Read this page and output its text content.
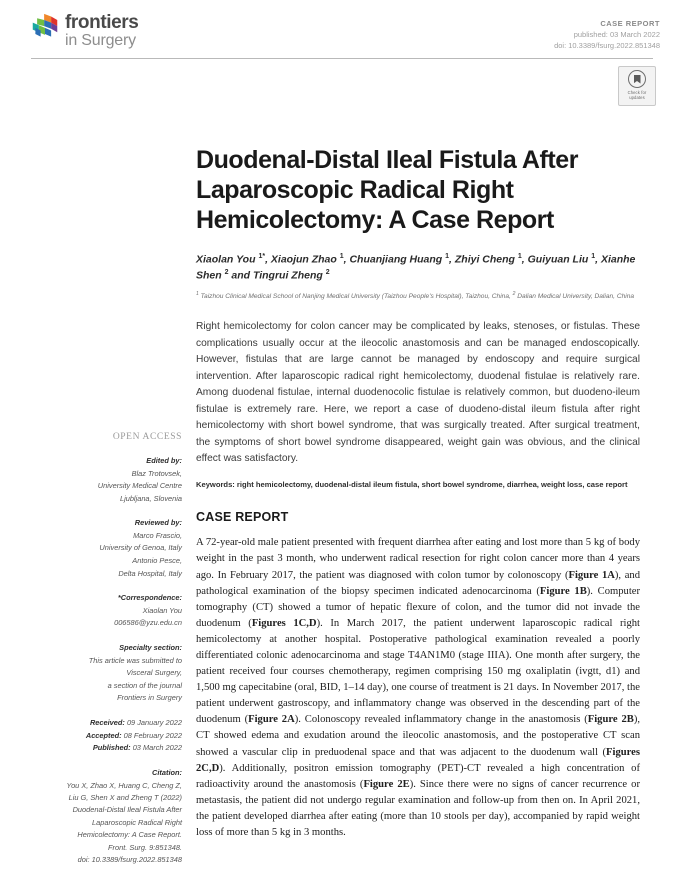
frontiers
in Surgery
CASE REPORT
published: 03 March 2022
doi: 10.3389/fsurg.2022.851348
Check for
updates
OPEN ACCESS
Edited by:
Blaz Trotovsek,
University Medical Centre
Ljubljana, Slovenia
Reviewed by:
Marco Frascio,
University of Genoa, Italy
Antonio Pesce,
Delta Hospital, Italy
*Correspondence:
Xiaolan You
006586@yzu.edu.cn
Specialty section:
This article was submitted to
Visceral Surgery,
a section of the journal
Frontiers in Surgery
Received: 09 January 2022
Accepted: 08 February 2022
Published: 03 March 2022
Citation:
You X, Zhao X, Huang C, Cheng Z,
Liu G, Shen X and Zheng T (2022)
Duodenal-Distal Ileal Fistula After
Laparoscopic Radical Right
Hemicolectomy: A Case Report.
Front. Surg. 9:851348.
doi: 10.3389/fsurg.2022.851348
Duodenal-Distal Ileal Fistula After Laparoscopic Radical Right Hemicolectomy: A Case Report
Xiaolan You $^{1*}$, Xiaojun Zhao $^1$, Chuanjiang Huang $^1$, Zhiyi Cheng $^1$, Guiyuan Liu $^1$, Xianhe Shen $^2$ and Tingrui Zheng $^2$
$^1$ Taizhou Clinical Medical School of Nanjing Medical University (Taizhou People's Hospital), Taizhou, China, $^2$ Dalian Medical University, Dalian, China
Right hemicolectomy for colon cancer may be complicated by leaks, stenoses, or fistulas. These complications usually occur at the ileocolic anastomosis and can be managed endoscopically. However, fistulas that are large cannot be managed by endoscopy and require surgical intervention. After laparoscopic radical right hemicolectomy, duodenal fistulae is relatively rare. Among duodenal fistulae, internal duodenocolic fistulae is relatively common, but duodeno-ileum fistulae is extremely rare. Here, we report a case of duodeno-distal ileum fistula after right hemicolectomy with short bowel syndrome, that was surgically treated. After surgical treatment, the symptoms of short bowel syndrome disappeared, weight gain was obvious, and the clinical effect was satisfactory.
Keywords: right hemicolectomy, duodenal-distal ileum fistula, short bowel syndrome, diarrhea, weight loss, case report
CASE REPORT
A 72-year-old male patient presented with frequent diarrhea after eating and lost more than 5 kg of body weight in the past 3 month, who underwent radical resection for right colon cancer more than 4 years ago. In February 2017, the patient was diagnosed with colon tumor by colonoscopy (Figure 1A), and pathological examination of the biopsy specimen indicated adenocarcinoma (Figure 1B). Computer tomography (CT) showed a tumor of hepatic flexure of colon, and the tumor did not invade the duodenum (Figures 1C,D). In March 2017, the patient underwent laparoscopic radical right hemicolectomy at another hospital. Postoperative pathological examination revealed a poorly differentiated colonic adenocarcinoma and stage T4AN1M0 (stage IIIA). One month after surgery, the patient received four courses chemotherapy, regimen comprising 150 mg oxaliplatin (ivgtt, d1) and 1,500 mg capecitabine (oral, BID, 1–14 day), one course of treatment is 21 days. In November 2017, the patient underwent gastroscopy, and inflammatory change was observed in the descending part of the duodenum (Figure 2A). Colonoscopy revealed inflammatory change in the anastomosis (Figure 2B), CT showed edema and exudation around the ileocolic anastomosis, and the postoperative CT scan showed a vascular clip in preduodenal space and that was adjacent to the duodenum wall (Figures 2C,D). Additionally, positron emission tomography (PET)-CT revealed a high concentration of radioactivity around the anastomosis (Figure 2E). Since there were no signs of cancer recurrence or metastasis, the patient did not undergo regular examination and follow-up from then on. In April 2021, the patient developed diarrhea after eating (more than 10 stools per day), accompanied by rapid weight loss of more than 5 kg in 3 months.
